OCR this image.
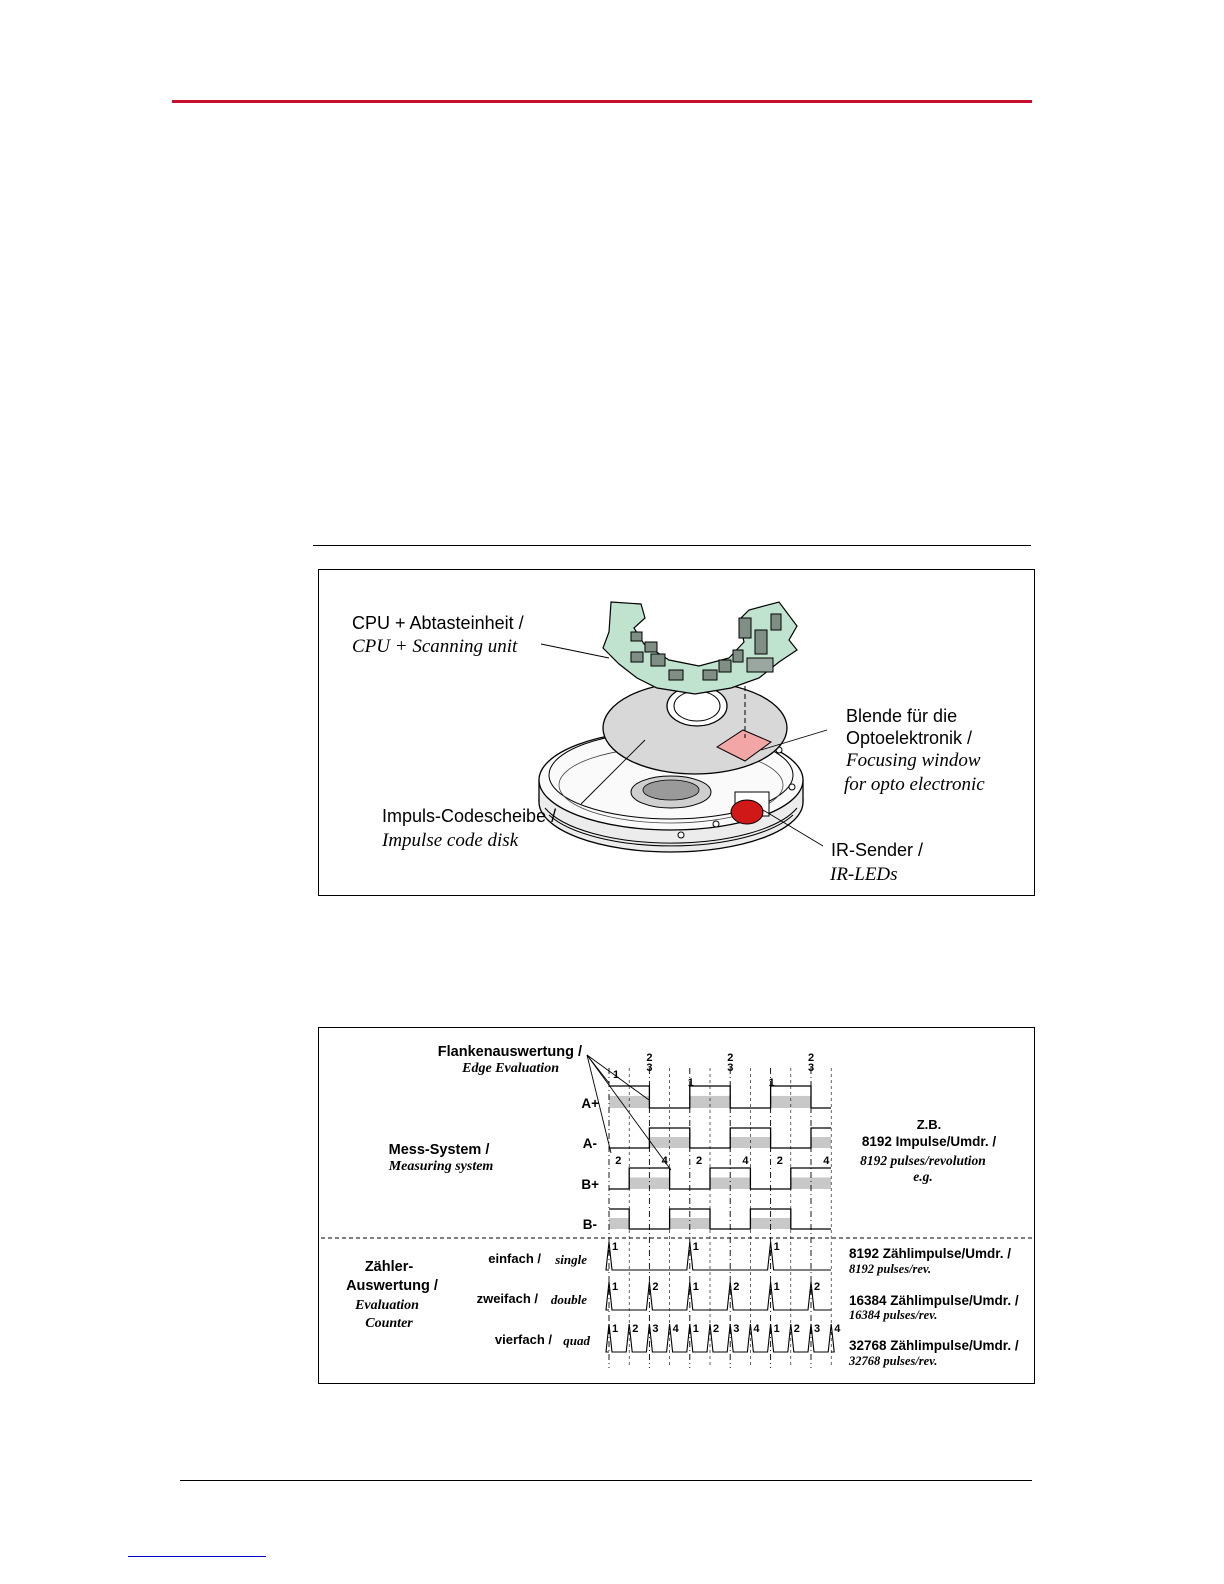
CPU + Abtasteinheit /
CPU + Scanning unit
Blende für die
Optoelektronik /
Focusing window
for opto electronic
Impuls-Codescheibe /
Impulse code disk	IR-Sender /
IR-LEDs
1
2
3
1
2
3
1
2
3
2	4	2	4	2	4
1	1	1
1	2	1	2	1	2
1 2 3 4 1 2 3 4 1 2 3 4
Flankenauswertung /
Edge Evaluation
Mess-System /
Measuring system
A+
A-
B+
B-
Z.B.
8192 Impulse/Umdr. /
8192 pulses/revolution
e.g.
Zähler-
Auswertung /
Evaluation
Counter
einfach / single
zweifach / double
vierfach / quad
8192 Zählimpulse/Umdr. /
8192 pulses/rev.
16384 Zählimpulse/Umdr. /
16384 pulses/rev.
32768 Zählimpulse/Umdr. /
32768 pulses/rev.
